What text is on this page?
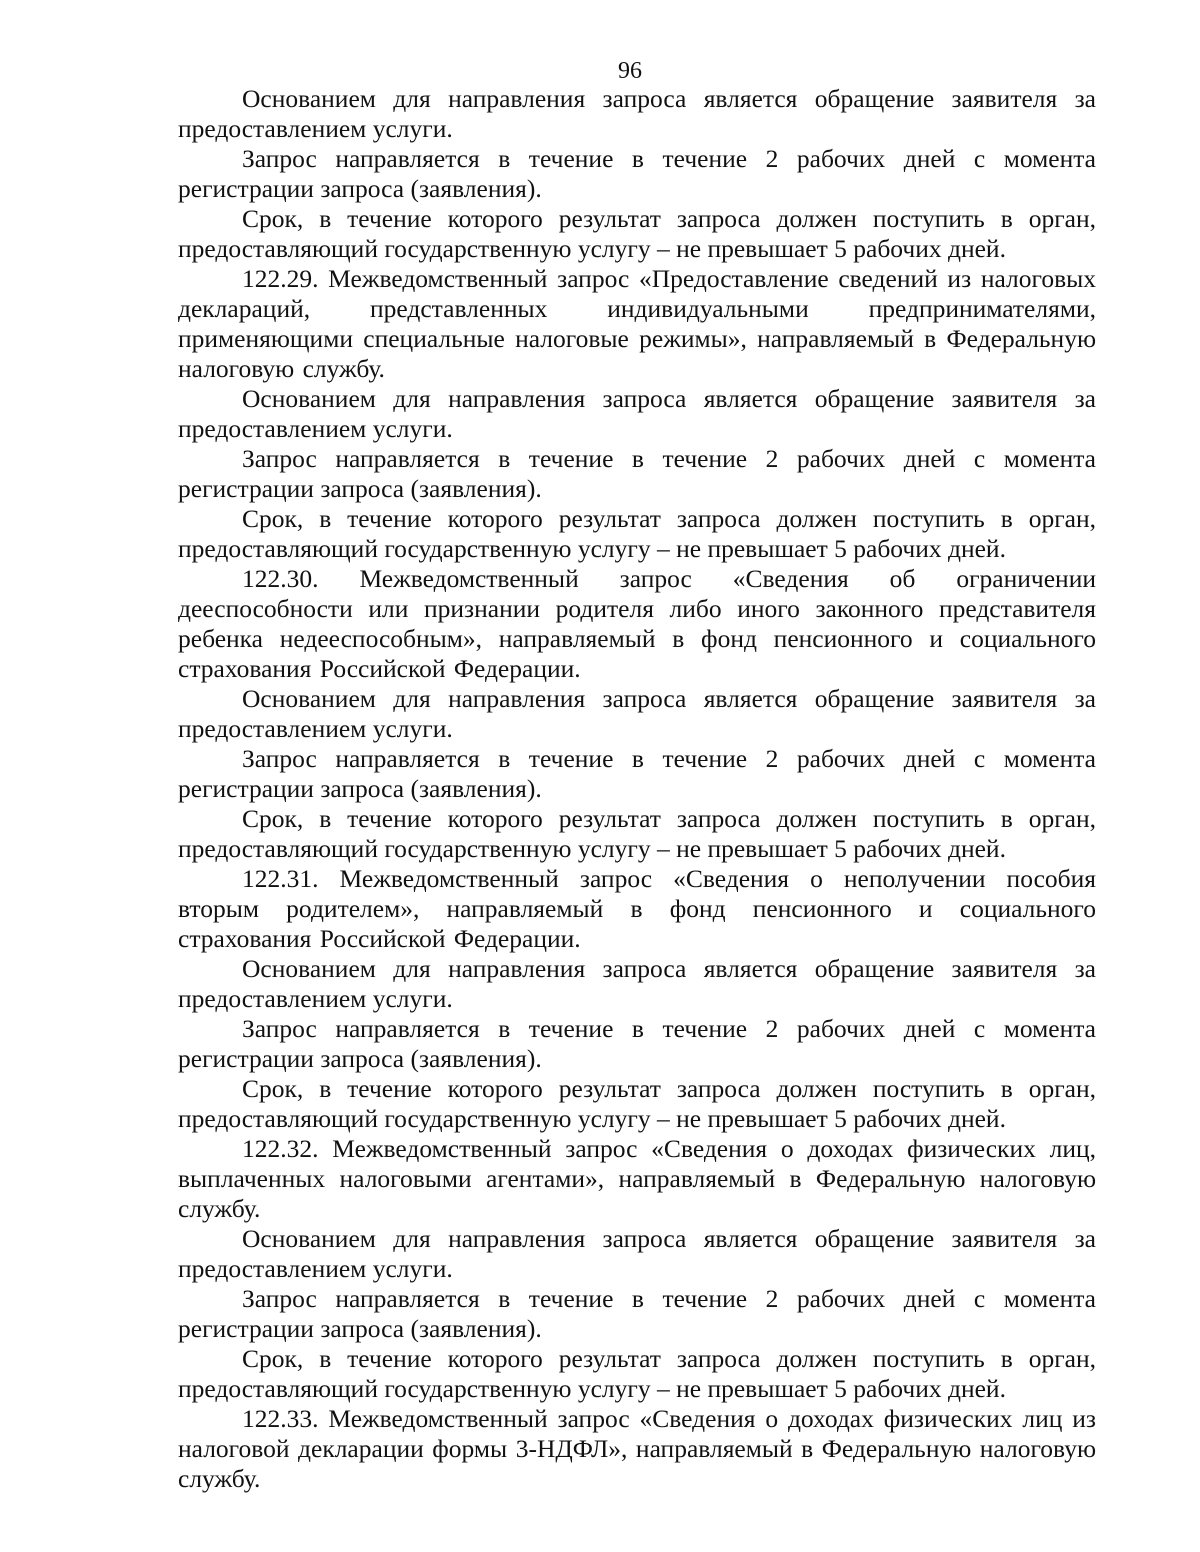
96

Основанием для направления запроса является обращение заявителя за предоставлением услуги.

Запрос направляется в течение в течение 2 рабочих дней с момента регистрации запроса (заявления).

Срок, в течение которого результат запроса должен поступить в орган, предоставляющий государственную услугу – не превышает 5 рабочих дней.

122.29. Межведомственный запрос «Предоставление сведений из налоговых деклараций, представленных индивидуальными предпринимателями, применяющими специальные налоговые режимы», направляемый в Федеральную налоговую службу.

Основанием для направления запроса является обращение заявителя за предоставлением услуги.

Запрос направляется в течение в течение 2 рабочих дней с момента регистрации запроса (заявления).

Срок, в течение которого результат запроса должен поступить в орган, предоставляющий государственную услугу – не превышает 5 рабочих дней.

122.30. Межведомственный запрос «Сведения об ограничении дееспособности или признании родителя либо иного законного представителя ребенка недееспособным», направляемый в фонд пенсионного и социального страхования Российской Федерации.

Основанием для направления запроса является обращение заявителя за предоставлением услуги.

Запрос направляется в течение в течение 2 рабочих дней с момента регистрации запроса (заявления).

Срок, в течение которого результат запроса должен поступить в орган, предоставляющий государственную услугу – не превышает 5 рабочих дней.

122.31. Межведомственный запрос «Сведения о неполучении пособия вторым родителем», направляемый в фонд пенсионного и социального страхования Российской Федерации.

Основанием для направления запроса является обращение заявителя за предоставлением услуги.

Запрос направляется в течение в течение 2 рабочих дней с момента регистрации запроса (заявления).

Срок, в течение которого результат запроса должен поступить в орган, предоставляющий государственную услугу – не превышает 5 рабочих дней.

122.32. Межведомственный запрос «Сведения о доходах физических лиц, выплаченных налоговыми агентами», направляемый в Федеральную налоговую службу.

Основанием для направления запроса является обращение заявителя за предоставлением услуги.

Запрос направляется в течение в течение 2 рабочих дней с момента регистрации запроса (заявления).

Срок, в течение которого результат запроса должен поступить в орган, предоставляющий государственную услугу – не превышает 5 рабочих дней.

122.33. Межведомственный запрос «Сведения о доходах физических лиц из налоговой декларации формы 3-НДФЛ», направляемый в Федеральную налоговую службу.
